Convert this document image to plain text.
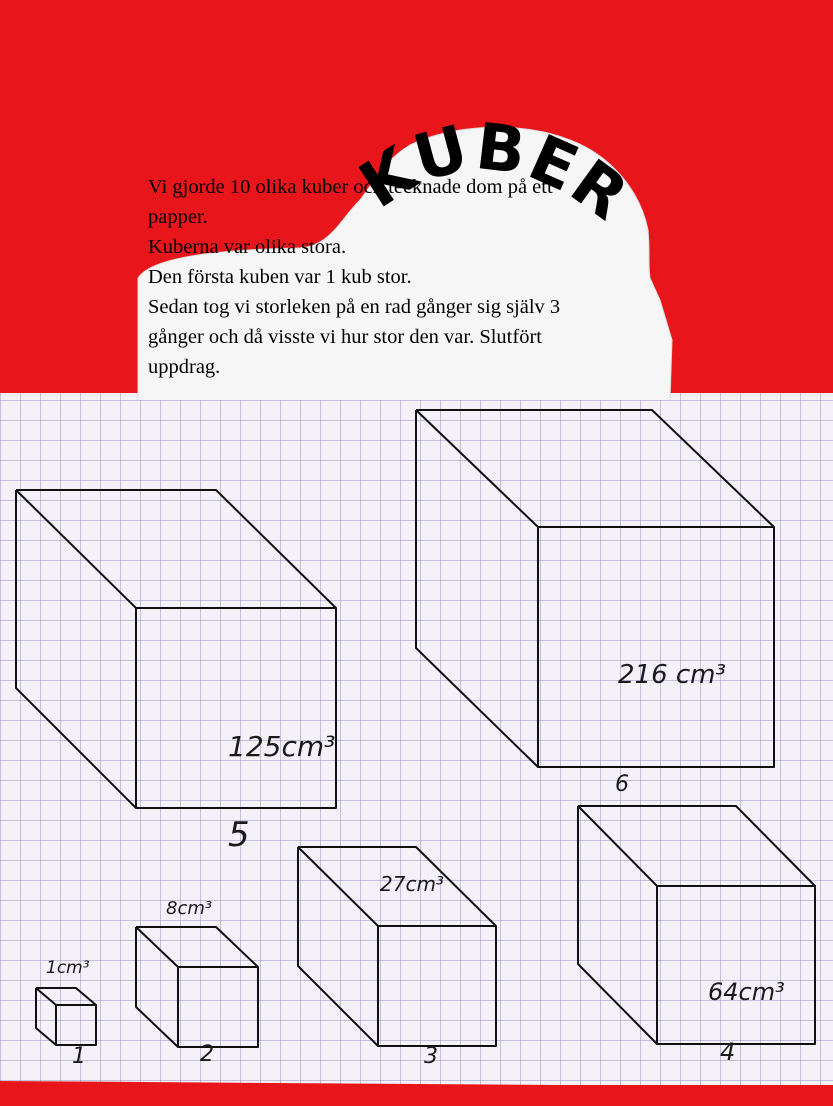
KUBER

Vi gjorde 10 olika kuber och tecknade dom på ett

papper.

Kuberna var olika stora.

Den första kuben var 1 kub stor.

Sedan tog vi storleken på en rad gånger sig själv 3

gånger och då visste vi hur stor den var. Slutfört

uppdrag.

1cm³
8cm³
27cm³
64cm³
125cm³
216 cm³
1	2	3	4
5
6
